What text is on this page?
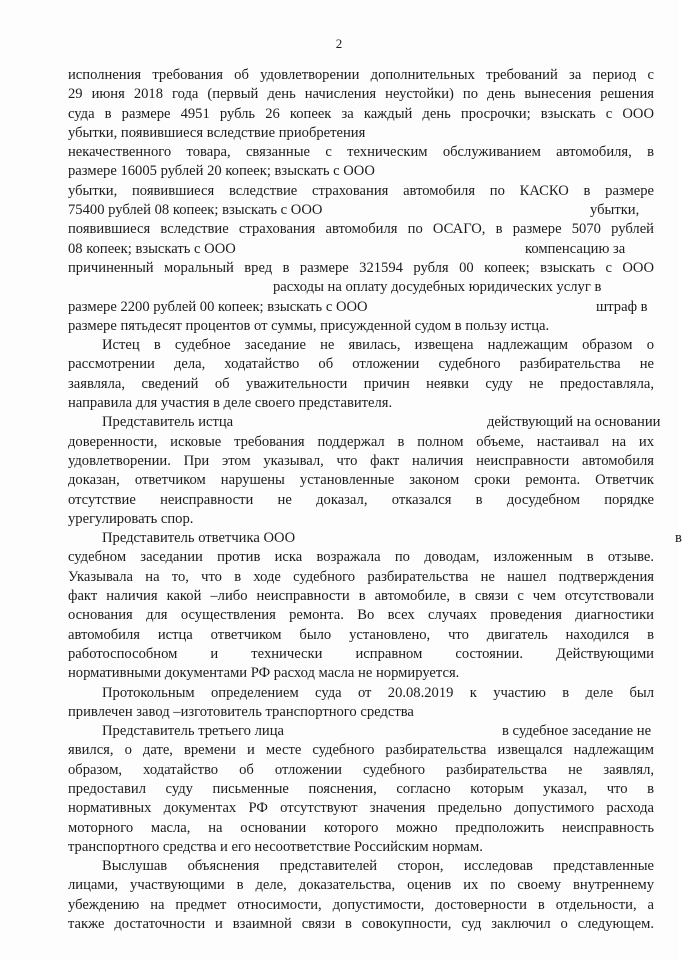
2
исполнения требования об удовлетворении дополнительных требований за период с
29 июня 2018 года (первый день начисления неустойки) по день вынесения решения
суда в размере 4951 рубль 26 копеек за каждый день просрочки; взыскать с ООО
убытки, появившиеся вследствие приобретения
некачественного товара, связанные с техническим обслуживанием автомобиля, в
размере 16005 рублей 20 копеек; взыскать с ООО
убытки, появившиеся вследствие страхования автомобиля по КАСКО в размере
75400 рублей 08 копеек; взыскать с ООО	убытки,
появившиеся вследствие страхования автомобиля по ОСАГО, в размере 5070 рублей
08 копеек; взыскать с ООО	компенсацию за
причиненный моральный вред в размере 321594 рубля 00 копеек; взыскать с ООО
расходы на оплату досудебных юридических услуг в
размере 2200 рублей 00 копеек; взыскать с ООО	штраф в
размере пятьдесят процентов от суммы, присужденной судом в пользу истца.
Истец в судебное заседание не явилась, извещена надлежащим образом о
рассмотрении дела, ходатайство об отложении судебного разбирательства не
заявляла, сведений об уважительности причин неявки суду не предоставляла,
направила для участия в деле своего представителя.
Представитель истца	действующий на основании
доверенности, исковые требования поддержал в полном объеме, настаивал на их
удовлетворении. При этом указывал, что факт наличия неисправности автомобиля
доказан, ответчиком нарушены установленные законом сроки ремонта. Ответчик
отсутствие неисправности не доказал, отказался в досудебном порядке
урегулировать спор.
Представитель ответчика ООО	в
судебном заседании против иска возражала по доводам, изложенным в отзыве.
Указывала на то, что в ходе судебного разбирательства не нашел подтверждения
факт наличия какой –либо неисправности в автомобиле, в связи с чем отсутствовали
основания для осуществления ремонта. Во всех случаях проведения диагностики
автомобиля истца ответчиком было установлено, что двигатель находился в
работоспособном и технически исправном состоянии. Действующими
нормативными документами РФ расход масла не нормируется.
Протокольным определением суда от 20.08.2019 к участию в деле был
привлечен завод –изготовитель транспортного средства
Представитель третьего лица	в судебное заседание не
явился, о дате, времени и месте судебного разбирательства извещался надлежащим
образом, ходатайство об отложении судебного разбирательства не заявлял,
предоставил суду письменные пояснения, согласно которым указал, что в
нормативных документах РФ отсутствуют значения предельно допустимого расхода
моторного масла, на основании которого можно предположить неисправность
транспортного средства и его несоответствие Российским нормам.
Выслушав объяснения представителей сторон, исследовав представленные
лицами, участвующими в деле, доказательства, оценив их по своему внутреннему
убеждению на предмет относимости, допустимости, достоверности в отдельности, а
также достаточности и взаимной связи в совокупности, суд заключил о следующем.
